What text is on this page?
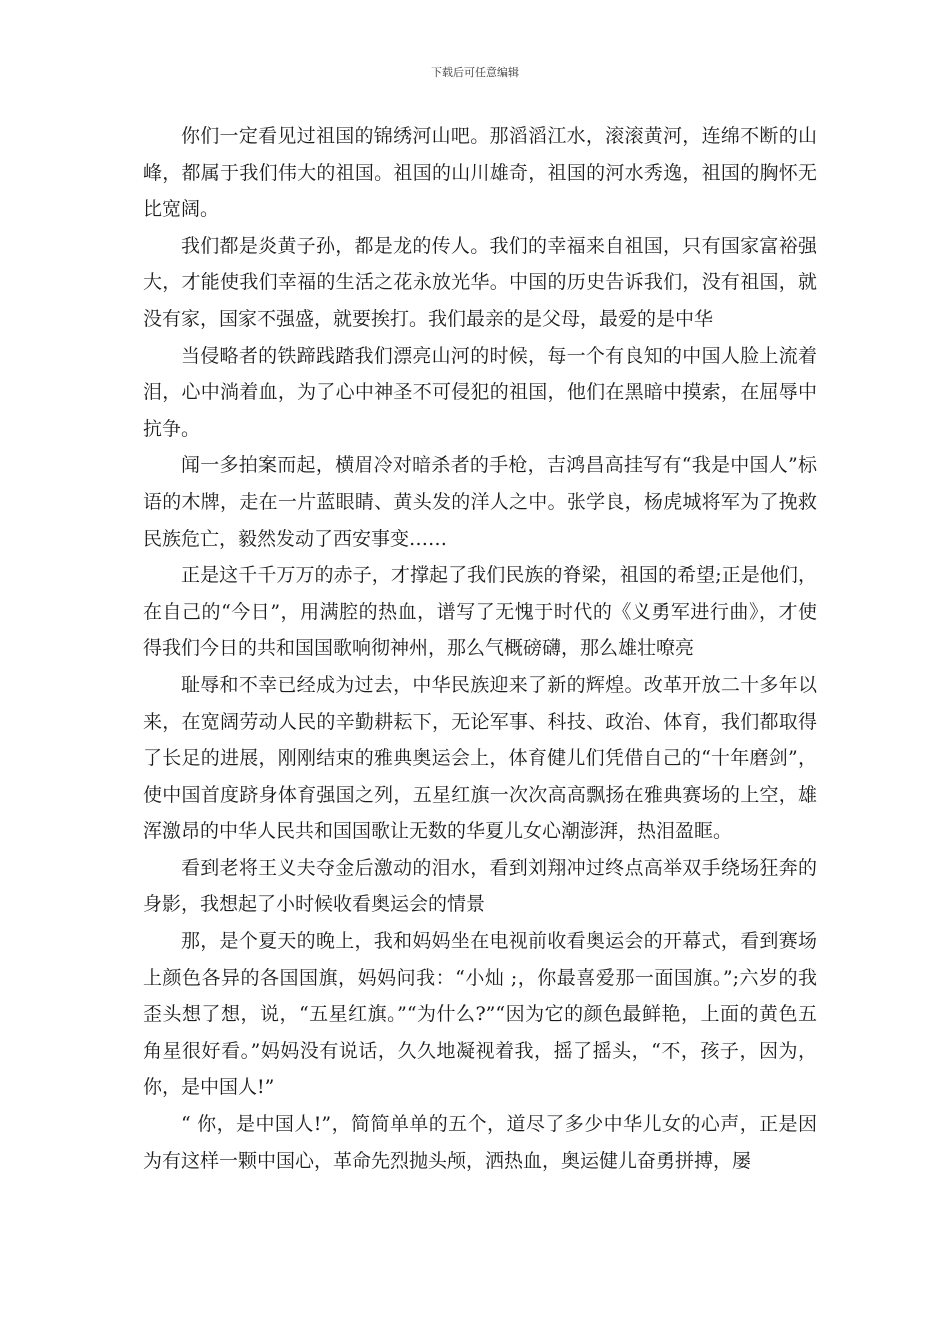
下载后可任意编辑

你们一定看见过祖国的锦绣河山吧。那滔滔江水，滚滚黄河，连绵不断的山峰，都属于我们伟大的祖国。祖国的山川雄奇，祖国的河水秀逸，祖国的胸怀无比宽阔。

我们都是炎黄子孙，都是龙的传人。我们的幸福来自祖国，只有国家富裕强大，才能使我们幸福的生活之花永放光华。中国的历史告诉我们，没有祖国，就没有家，国家不强盛，就要挨打。我们最亲的是父母，最爱的是中华

当侵略者的铁蹄践踏我们漂亮山河的时候，每一个有良知的中国人脸上流着泪，心中淌着血，为了心中神圣不可侵犯的祖国，他们在黑暗中摸索，在屈辱中抗争。

闻一多拍案而起，横眉冷对暗杀者的手枪，吉鸿昌高挂写有“我是中国人”标语的木牌，走在一片蓝眼睛、黄头发的洋人之中。张学良，杨虎城将军为了挽救民族危亡，毅然发动了西安事变……

正是这千千万万的赤子，才撑起了我们民族的脊梁，祖国的希望;正是他们，在自己的“今日”，用满腔的热血，谱写了无愧于时代的《义勇军进行曲》，才使得我们今日的共和国国歌响彻神州，那么气概磅礴，那么雄壮嘹亮

耻辱和不幸已经成为过去，中华民族迎来了新的辉煌。改革开放二十多年以来，在宽阔劳动人民的辛勤耕耘下，无论军事、科技、政治、体育，我们都取得了长足的进展，刚刚结束的雅典奥运会上，体育健儿们凭借自己的“十年磨剑”，使中国首度跻身体育强国之列，五星红旗一次次高高飘扬在雅典赛场的上空，雄浑激昂的中华人民共和国国歌让无数的华夏儿女心潮澎湃，热泪盈眶。

看到老将王义夫夺金后激动的泪水，看到刘翔冲过终点高举双手绕场狂奔的身影，我想起了小时候收看奥运会的情景

那，是个夏天的晚上，我和妈妈坐在电视前收看奥运会的开幕式，看到赛场上颜色各异的各国国旗，妈妈问我：“小灿 ;，你最喜爱那一面国旗。”;六岁的我歪头想了想，说，“五星红旗。”“为什么?”“因为它的颜色最鲜艳，上面的黄色五角星很好看。”妈妈没有说话，久久地凝视着我，摇了摇头，“不，孩子，因为，你，是中国人!”

“ 你，是中国人!”，简简单单的五个，道尽了多少中华儿女的心声，正是因为有这样一颗中国心，革命先烈抛头颅，洒热血，奥运健儿奋勇拼搏，屡
